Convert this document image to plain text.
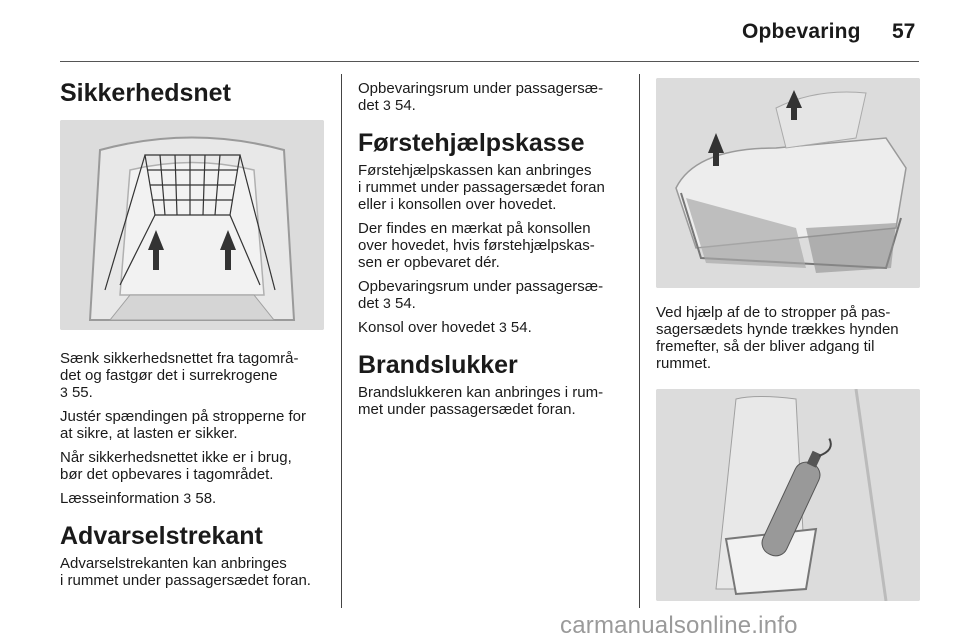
Opbevaring 57
Sikkerhedsnet

Sænk sikkerhedsnettet fra tagområ-
det og fastgør det i surrekrogene
3 55.

Justér spændingen på stropperne for
at sikre, at lasten er sikker.

Når sikkerhedsnettet ikke er i brug,
bør det opbevares i tagområdet.

Læsseinformation 3 58.

Advarselstrekant

Advarselstrekanten kan anbringes
i rummet under passagersædet foran.

Opbevaringsrum under passagersæ-
det 3 54.

Førstehjælpskasse

Førstehjælpskassen kan anbringes
i rummet under passagersædet foran
eller i konsollen over hovedet.

Der findes en mærkat på konsollen
over hovedet, hvis førstehjælpskas-
sen er opbevaret dér.

Opbevaringsrum under passagersæ-
det 3 54.

Konsol over hovedet 3 54.

Brandslukker

Brandslukkeren kan anbringes i rum-
met under passagersædet foran.

Ved hjælp af de to stropper på pas-
sagersædets hynde trækkes hynden
fremefter, så der bliver adgang til
rummet.

carmanualsonline.info
